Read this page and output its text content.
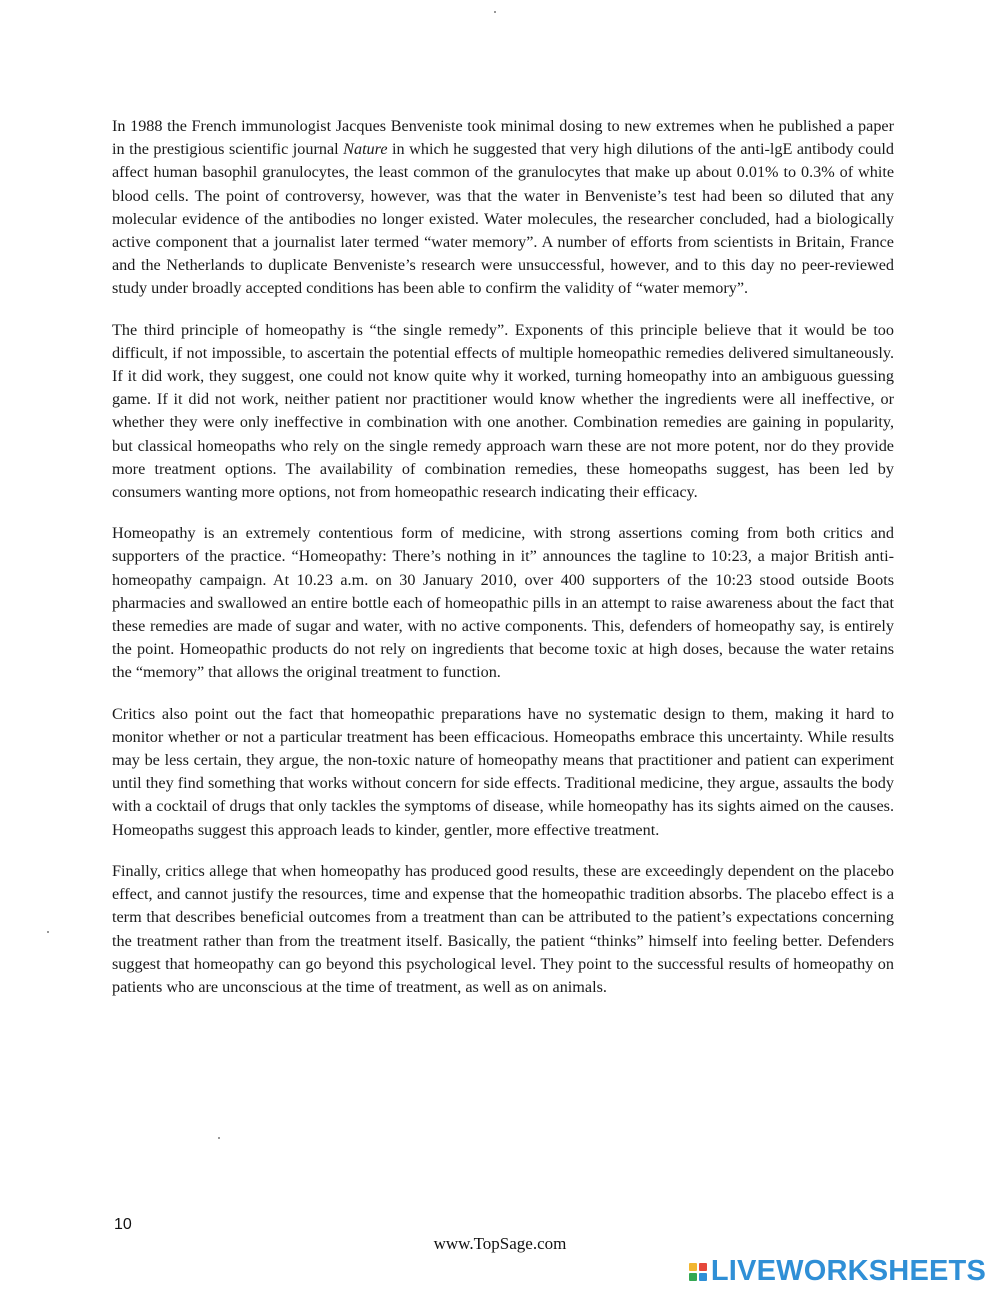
In 1988 the French immunologist Jacques Benveniste took minimal dosing to new extremes when he published a paper in the prestigious scientific journal Nature in which he suggested that very high dilutions of the anti-lgE antibody could affect human basophil granulocytes, the least common of the granulocytes that make up about 0.01% to 0.3% of white blood cells. The point of controversy, however, was that the water in Benveniste’s test had been so diluted that any molecular evidence of the antibodies no longer existed. Water molecules, the researcher concluded, had a biologically active component that a journalist later termed “water memory”. A number of efforts from scientists in Britain, France and the Netherlands to duplicate Benveniste’s research were unsuccessful, however, and to this day no peer-reviewed study under broadly accepted conditions has been able to confirm the validity of “water memory”.

The third principle of homeopathy is “the single remedy”. Exponents of this principle believe that it would be too difficult, if not impossible, to ascertain the potential effects of multiple homeopathic remedies delivered simultaneously. If it did work, they suggest, one could not know quite why it worked, turning homeopathy into an ambiguous guessing game. If it did not work, neither patient nor practitioner would know whether the ingredients were all ineffective, or whether they were only ineffective in combination with one another. Combination remedies are gaining in popularity, but classical homeopaths who rely on the single remedy approach warn these are not more potent, nor do they provide more treatment options. The availability of combination remedies, these homeopaths suggest, has been led by consumers wanting more options, not from homeopathic research indicating their efficacy.

Homeopathy is an extremely contentious form of medicine, with strong assertions coming from both critics and supporters of the practice. “Homeopathy: There’s nothing in it” announces the tagline to 10:23, a major British anti-homeopathy campaign. At 10.23 a.m. on 30 January 2010, over 400 supporters of the 10:23 stood outside Boots pharmacies and swallowed an entire bottle each of homeopathic pills in an attempt to raise awareness about the fact that these remedies are made of sugar and water, with no active components. This, defenders of homeopathy say, is entirely the point. Homeopathic products do not rely on ingredients that become toxic at high doses, because the water retains the “memory” that allows the original treatment to function.

Critics also point out the fact that homeopathic preparations have no systematic design to them, making it hard to monitor whether or not a particular treatment has been efficacious. Homeopaths embrace this uncertainty. While results may be less certain, they argue, the non-toxic nature of homeopathy means that practitioner and patient can experiment until they find something that works without concern for side effects. Traditional medicine, they argue, assaults the body with a cocktail of drugs that only tackles the symptoms of disease, while homeopathy has its sights aimed on the causes. Homeopaths suggest this approach leads to kinder, gentler, more effective treatment.

Finally, critics allege that when homeopathy has produced good results, these are exceedingly dependent on the placebo effect, and cannot justify the resources, time and expense that the homeopathic tradition absorbs. The placebo effect is a term that describes beneficial outcomes from a treatment than can be attributed to the patient’s expectations concerning the treatment rather than from the treatment itself. Basically, the patient “thinks” himself into feeling better. Defenders suggest that homeopathy can go beyond this psychological level. They point to the successful results of homeopathy on patients who are unconscious at the time of treatment, as well as on animals.

10
www.TopSage.com
LIVEWORKSHEETS
